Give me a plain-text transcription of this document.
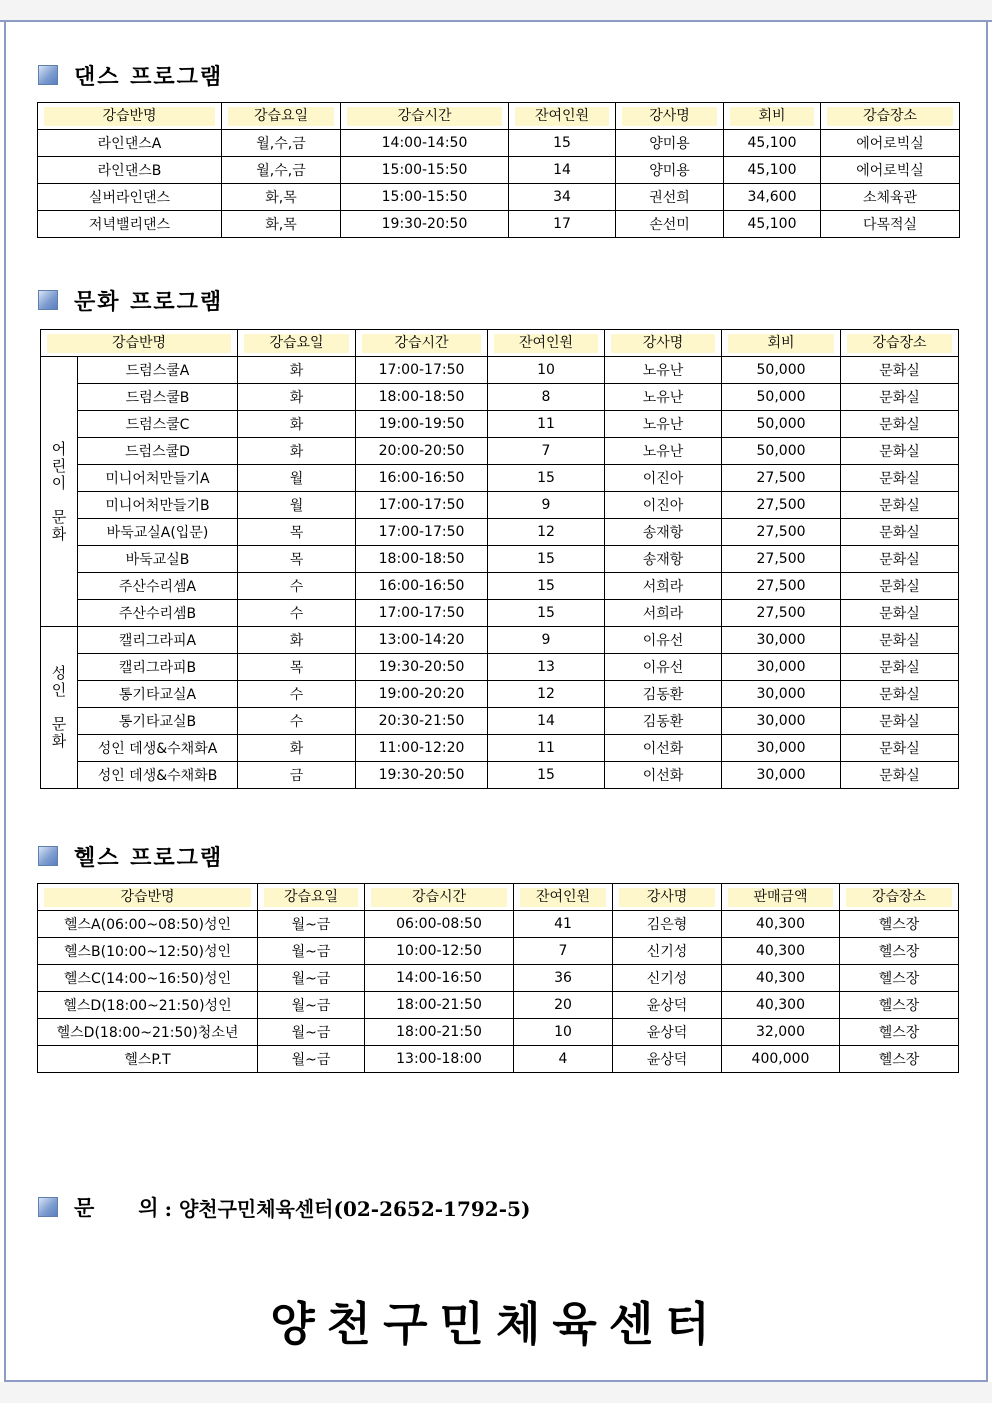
댄스 프로그램
강습반명	강습요일	강습시간	잔여인원	강사명	회비	강습장소

라인댄스A	월,수,금	14:00-14:50	15	양미용	45,100	에어로빅실
라인댄스B	월,수,금	15:00-15:50	14	양미용	45,100	에어로빅실
실버라인댄스	화,목	15:00-15:50	34	권선희	34,600	소체육관
저녁밸리댄스	화,목	19:30-20:50	17	손선미	45,100	다목적실
문화 프로그램
강습반명		강습요일	강습시간	잔여인원	강사명	회비	강습장소

어
린
이

문
화	드럼스쿨A	화	17:00-17:50	10	노유난	50,000	문화실
	드럼스쿨B	화	18:00-18:50	8	노유난	50,000	문화실
	드럼스쿨C	화	19:00-19:50	11	노유난	50,000	문화실
	드럼스쿨D	화	20:00-20:50	7	노유난	50,000	문화실
	미니어처만들기A	월	16:00-16:50	15	이진아	27,500	문화실
	미니어처만들기B	월	17:00-17:50	9	이진아	27,500	문화실
	바둑교실A(입문)	목	17:00-17:50	12	송재항	27,500	문화실
	바둑교실B	목	18:00-18:50	15	송재항	27,500	문화실
	주산수리셈A	수	16:00-16:50	15	서희라	27,500	문화실
	주산수리셈B	수	17:00-17:50	15	서희라	27,500	문화실

성
인

문
화	캘리그라피A	화	13:00-14:20	9	이유선	30,000	문화실
	캘리그라피B	목	19:30-20:50	13	이유선	30,000	문화실
	통기타교실A	수	19:00-20:20	12	김동환	30,000	문화실
	통기타교실B	수	20:30-21:50	14	김동환	30,000	문화실
	성인 데생&수채화A	화	11:00-12:20	11	이선화	30,000	문화실
	성인 데생&수채화B	금	19:30-20:50	15	이선화	30,000	문화실
헬스 프로그램
강습반명	강습요일	강습시간	잔여인원	강사명	판매금액	강습장소

헬스A(06:00~08:50)성인	월~금	06:00-08:50	41	김은형	40,300	헬스장
헬스B(10:00~12:50)성인	월~금	10:00-12:50	7	신기성	40,300	헬스장
헬스C(14:00~16:50)성인	월~금	14:00-16:50	36	신기성	40,300	헬스장
헬스D(18:00~21:50)성인	월~금	18:00-21:50	20	윤상덕	40,300	헬스장
헬스D(18:00~21:50)청소년	월~금	18:00-21:50	10	윤상덕	32,000	헬스장
헬스P.T	월~금	13:00-18:00	4	윤상덕	400,000	헬스장
문 의 : 양천구민체육센터(02-2652-1792-5)
양천구민체육센터
